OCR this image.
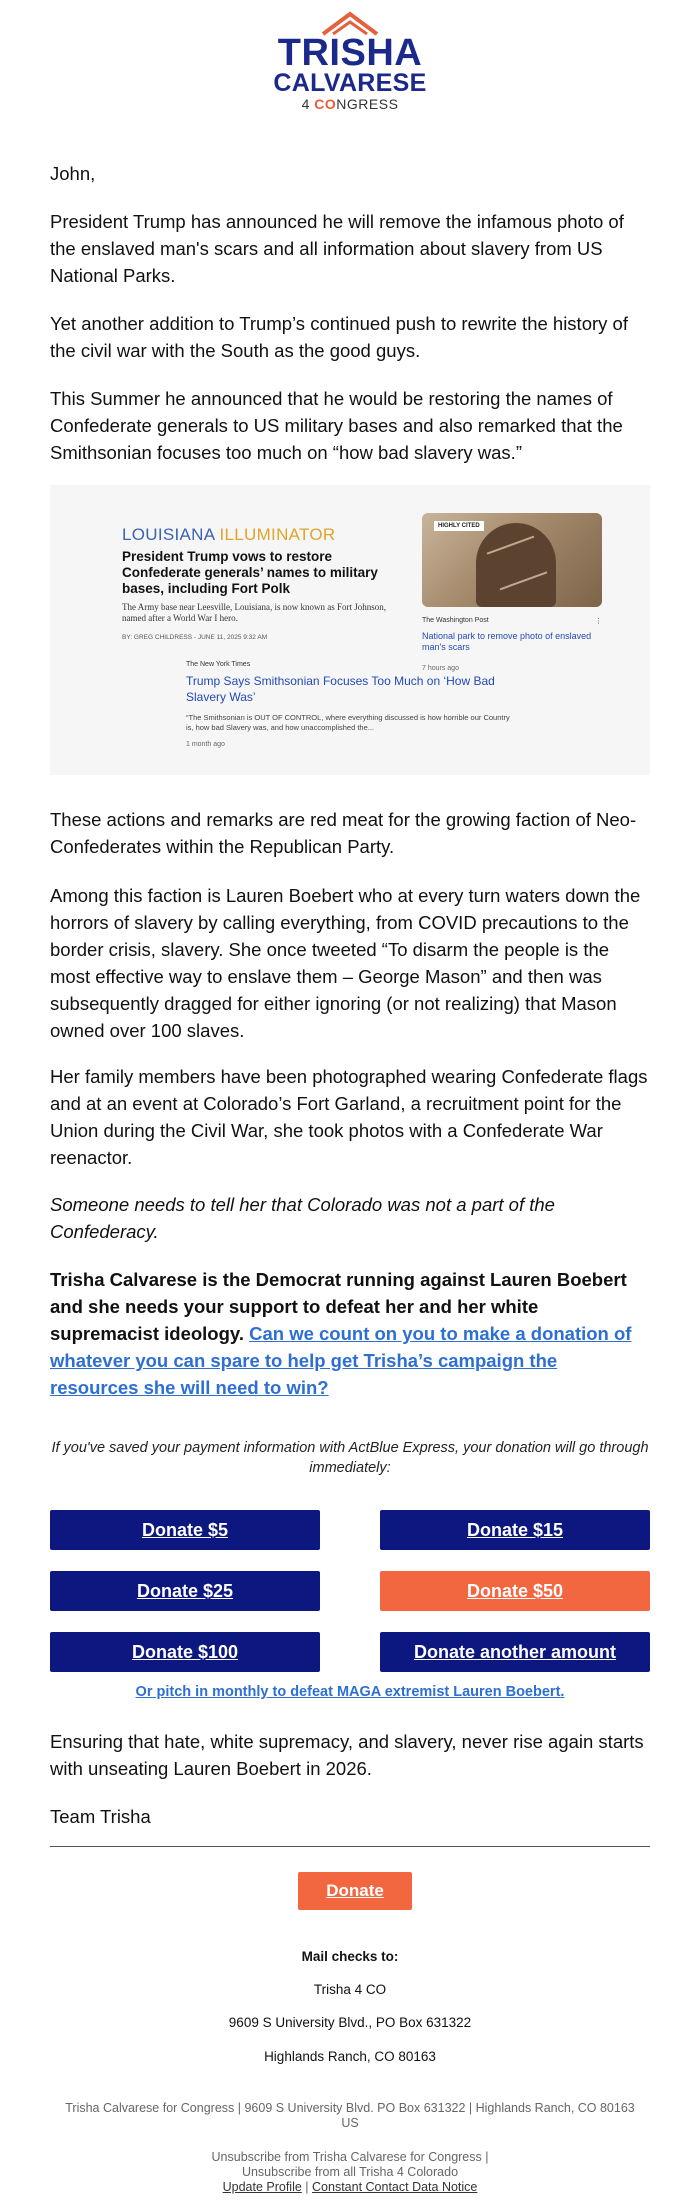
TRISHA
CALVARESE
4 CONGRESS
John,
President Trump has announced he will remove the infamous photo of the enslaved man's scars and all information about slavery from US National Parks.
Yet another addition to Trump’s continued push to rewrite the history of the civil war with the South as the good guys.
This Summer he announced that he would be restoring the names of Confederate generals to US military bases and also remarked that the Smithsonian focuses too much on “how bad slavery was.”
LOUISIANA ILLUMINATOR
President Trump vows to restore Confederate generals’ names to military bases, including Fort Polk
The Army base near Leesville, Louisiana, is now known as Fort Johnson, named after a World War I hero.
BY: GREG CHILDRESS - JUNE 11, 2025 9:32 AM
HIGHLY CITED
The Washington Post	⋮
National park to remove photo of enslaved man's scars
7 hours ago
The New York Times
Trump Says Smithsonian Focuses Too Much on ‘How Bad Slavery Was’
“The Smithsonian is OUT OF CONTROL, where everything discussed is how horrible our Country is, how bad Slavery was, and how unaccomplished the...
1 month ago
These actions and remarks are red meat for the growing faction of Neo-Confederates within the Republican Party.
Among this faction is Lauren Boebert who at every turn waters down the horrors of slavery by calling everything, from COVID precautions to the border crisis, slavery. She once tweeted “To disarm the people is the most effective way to enslave them – George Mason” and then was subsequently dragged for either ignoring (or not realizing) that Mason owned over 100 slaves.
Her family members have been photographed wearing Confederate flags and at an event at Colorado’s Fort Garland, a recruitment point for the Union during the Civil War, she took photos with a Confederate War reenactor.
Someone needs to tell her that Colorado was not a part of the Confederacy.
Trisha Calvarese is the Democrat running against Lauren Boebert and she needs your support to defeat her and her white supremacist ideology. Can we count on you to make a donation of whatever you can spare to help get Trisha’s campaign the resources she will need to win?
If you've saved your payment information with ActBlue Express, your donation will go through immediately:
Donate $5	Donate $15
Donate $25	Donate $50
Donate $100	Donate another amount
Or pitch in monthly to defeat MAGA extremist Lauren Boebert.
Ensuring that hate, white supremacy, and slavery, never rise again starts with unseating Lauren Boebert in 2026.
Team Trisha
Donate
Mail checks to:
Trisha 4 CO
9609 S University Blvd., PO Box 631322
Highlands Ranch, CO 80163
Trisha Calvarese for Congress | 9609 S University Blvd. PO Box 631322 | Highlands Ranch, CO 80163 US
Unsubscribe from Trisha Calvarese for Congress |
Unsubscribe from all Trisha 4 Colorado
Update Profile | Constant Contact Data Notice
